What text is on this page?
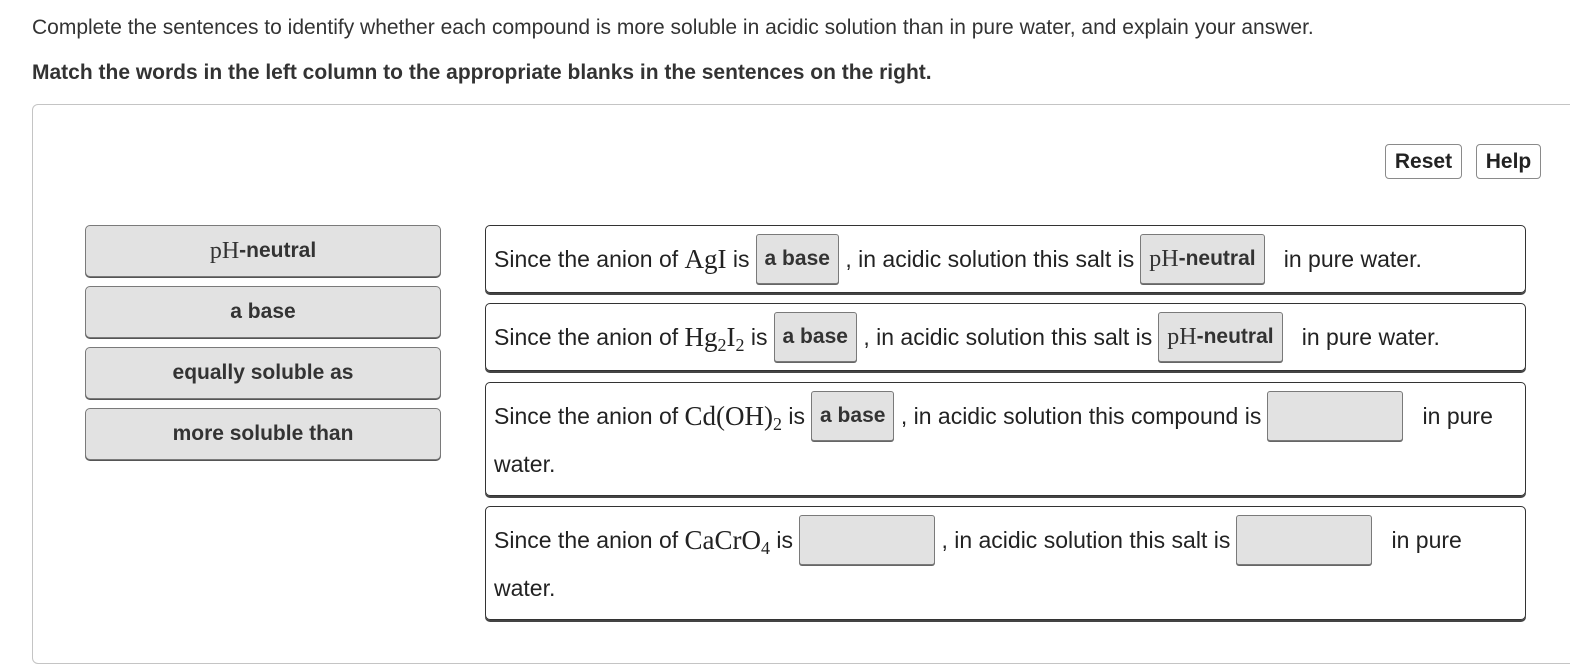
Complete the sentences to identify whether each compound is more soluble in acidic solution than in pure water, and explain your answer.
Match the words in the left column to the appropriate blanks in the sentences on the right.
Reset	Help
pH -neutral
a base
equally soluble as
more soluble than
Since the anion of
AgI
is a base
, in acidic solution this salt is pH -neutral
in pure water.
Since the anion of
$Hg_2I_2$
is a base
, in acidic solution this salt is pH -neutral
in pure water.
Since the anion of
$Cd(OH)_2$
is a base
, in acidic solution this compound is
	in pure
water.
Since the anion of
CaCrO$_4$
is
	, in acidic solution this salt is
	in pure
water.
